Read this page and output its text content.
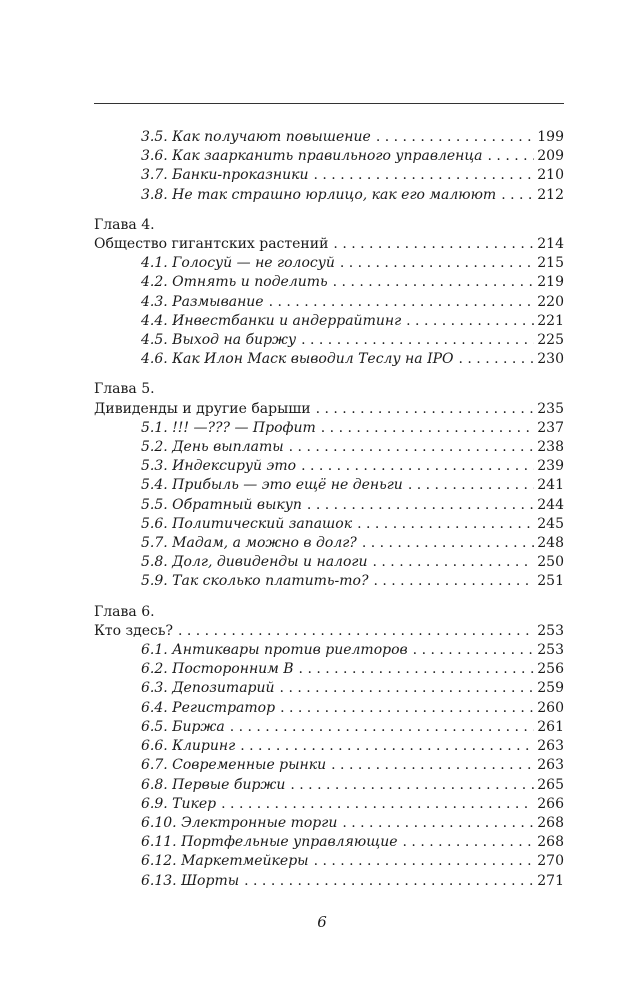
3.5. Как получают повышение . . .	199
3.6. Как заарканить правильного управленца . . .	209
3.7. Банки-проказники . . .	210
3.8. Не так страшно юрлицо, как его малюют . . .	212
Глава 4.
Общество гигантских растений . . .	214
4.1. Голосуй — не голосуй . . .	215
4.2. Отнять и поделить . . .	219
4.3. Размывание . . .	220
4.4. Инвестбанки и андеррайтинг . . .	221
4.5. Выход на биржу . . .	225
4.6. Как Илон Маск выводил Теслу на IPO . . .	230
Глава 5.
Дивиденды и другие барыши . . .	235
5.1. !!! —??? — Профит . . .	237
5.2. День выплаты . . .	238
5.3. Индексируй это . . .	239
5.4. Прибыль — это ещё не деньги . . .	241
5.5. Обратный выкуп . . .	244
5.6. Политический запашок . . .	245
5.7. Мадам, а можно в долг? . . .	248
5.8. Долг, дивиденды и налоги . . .	250
5.9. Так сколько платить-то? . . .	251
Глава 6.
Кто здесь? . . .	253
6.1. Антиквары против риелторов . . .	253
6.2. Посторонним В . . .	256
6.3. Депозитарий . . .	259
6.4. Регистратор . . .	260
6.5. Биржа . . .	261
6.6. Клиринг . . .	263
6.7. Современные рынки . . .	263
6.8. Первые биржи . . .	265
6.9. Тикер . . .	266
6.10. Электронные торги . . .	268
6.11. Портфельные управляющие . . .	268
6.12. Маркетмейкеры . . .	270
6.13. Шорты . . .	271
6
